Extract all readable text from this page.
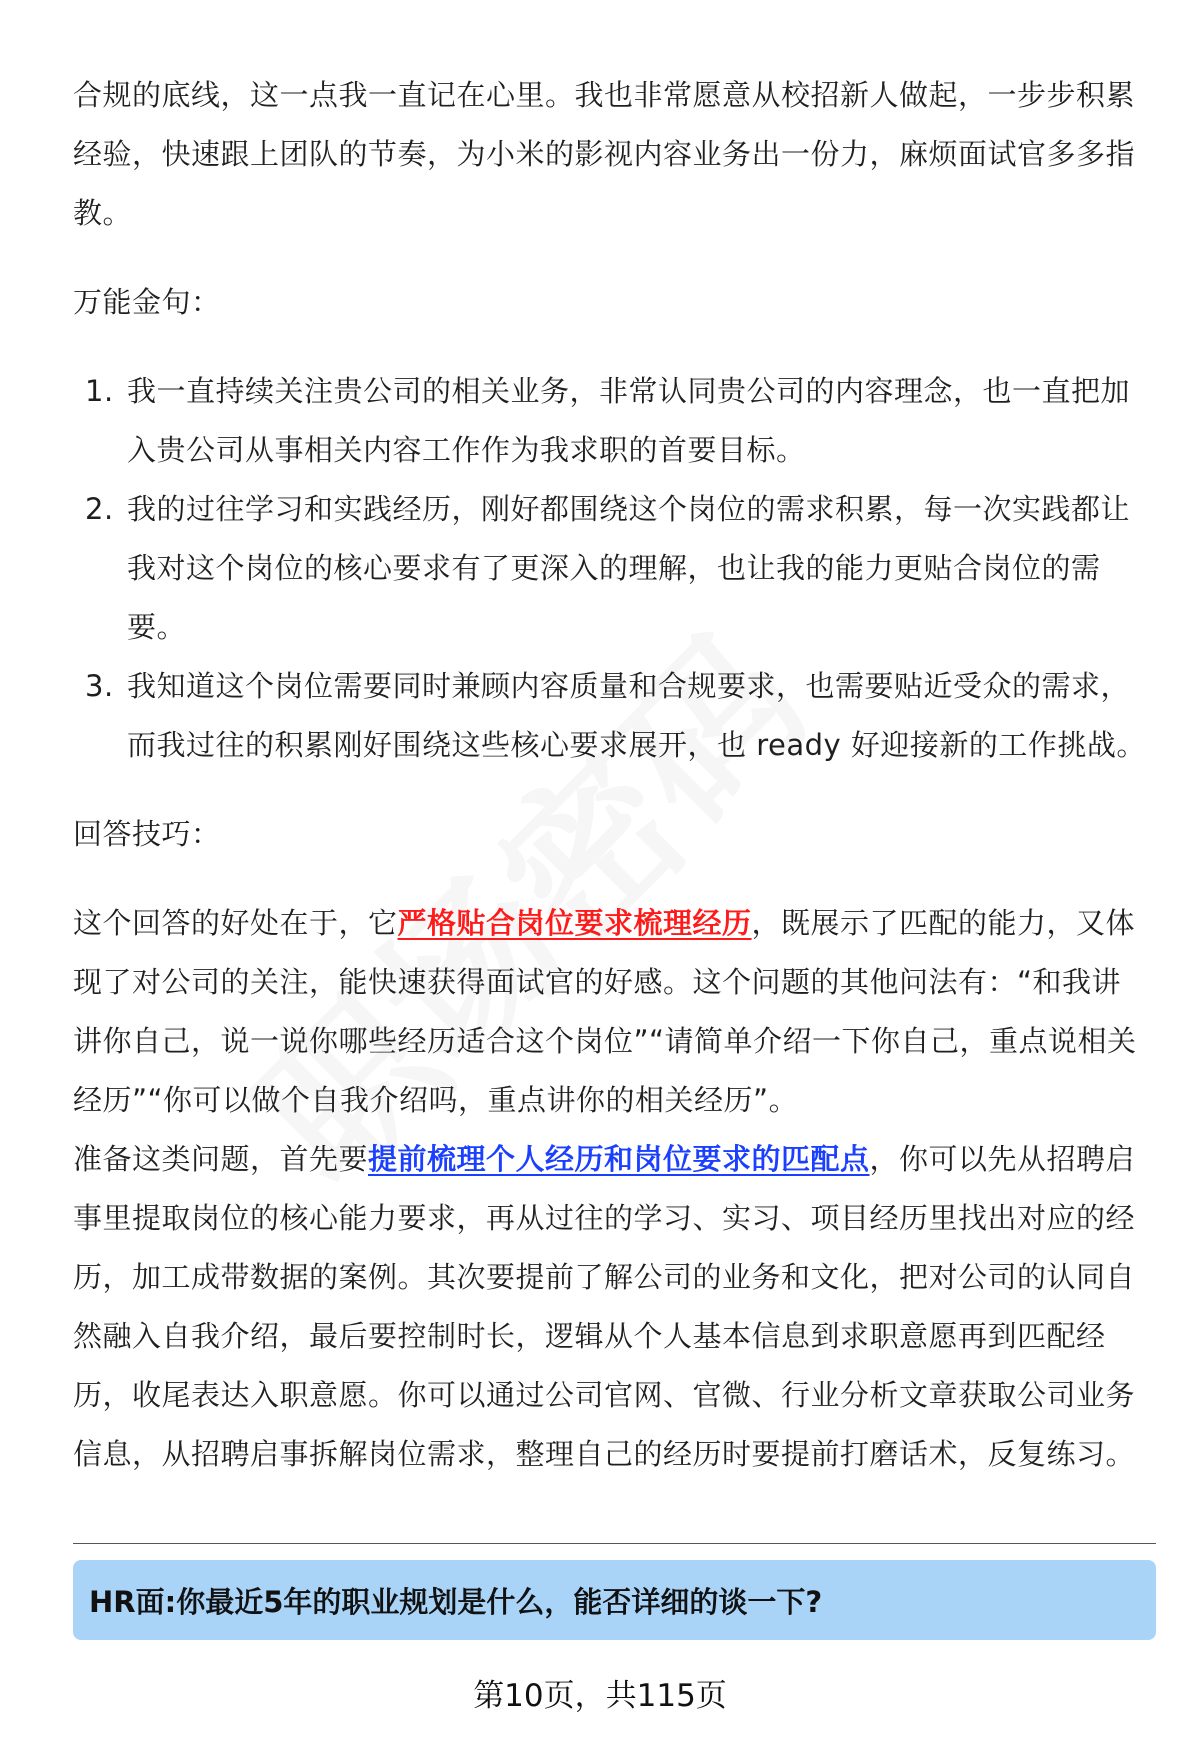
合规的底线，这一点我一直记在心里。我也非常愿意从校招新人做起，一步步积累经验，快速跟上团队的节奏，为小米的影视内容业务出一份力，麻烦面试官多多指教。

万能金句：

1. 我一直持续关注贵公司的相关业务，非常认同贵公司的内容理念，也一直把加入贵公司从事相关内容工作作为我求职的首要目标。
2. 我的过往学习和实践经历，刚好都围绕这个岗位的需求积累，每一次实践都让我对这个岗位的核心要求有了更深入的理解，也让我的能力更贴合岗位的需要。
3. 我知道这个岗位需要同时兼顾内容质量和合规要求，也需要贴近受众的需求，而我过往的积累刚好围绕这些核心要求展开，也 ready 好迎接新的工作挑战。

回答技巧：

这个回答的好处在于，它严格贴合岗位要求梳理经历，既展示了匹配的能力，又体现了对公司的关注，能快速获得面试官的好感。这个问题的其他问法有：“和我讲讲你自己，说一说你哪些经历适合这个岗位”“请简单介绍一下你自己，重点说相关经历”“你可以做个自我介绍吗，重点讲你的相关经历”。

准备这类问题，首先要提前梳理个人经历和岗位要求的匹配点，你可以先从招聘启事里提取岗位的核心能力要求，再从过往的学习、实习、项目经历里找出对应的经历，加工成带数据的案例。其次要提前了解公司的业务和文化，把对公司的认同自然融入自我介绍，最后要控制时长，逻辑从个人基本信息到求职意愿再到匹配经历，收尾表达入职意愿。你可以通过公司官网、官微、行业分析文章获取公司业务信息，从招聘启事拆解岗位需求，整理自己的经历时要提前打磨话术，反复练习。

HR面:你最近5年的职业规划是什么，能否详细的谈一下?
第10页，共115页
